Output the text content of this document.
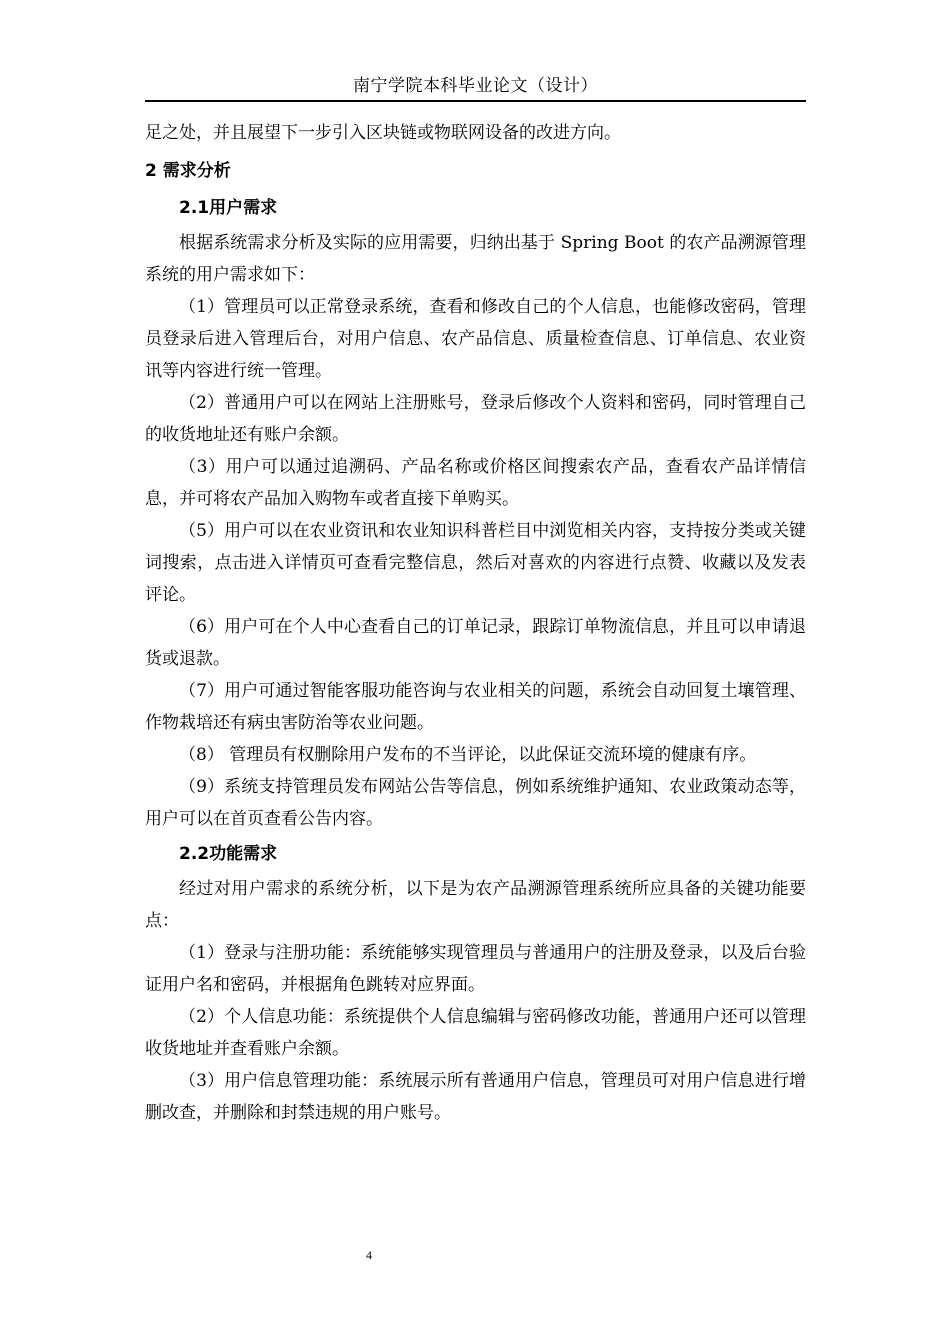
南宁学院本科毕业论文（设计）

足之处，并且展望下一步引入区块链或物联网设备的改进方向。

2 需求分析
2.1用户需求

根据系统需求分析及实际的应用需要，归纳出基于 Spring Boot 的农产品溯源管理系统的用户需求如下：

（1）管理员可以正常登录系统，查看和修改自己的个人信息，也能修改密码，管理员登录后进入管理后台，对用户信息、农产品信息、质量检查信息、订单信息、农业资讯等内容进行统一管理。

（2）普通用户可以在网站上注册账号，登录后修改个人资料和密码，同时管理自己的收货地址还有账户余额。

（3）用户可以通过追溯码、产品名称或价格区间搜索农产品，查看农产品详情信息，并可将农产品加入购物车或者直接下单购买。

（5）用户可以在农业资讯和农业知识科普栏目中浏览相关内容，支持按分类或关键词搜索，点击进入详情页可查看完整信息，然后对喜欢的内容进行点赞、收藏以及发表评论。

（6）用户可在个人中心查看自己的订单记录，跟踪订单物流信息，并且可以申请退货或退款。

（7）用户可通过智能客服功能咨询与农业相关的问题，系统会自动回复土壤管理、作物栽培还有病虫害防治等农业问题。

（8） 管理员有权删除用户发布的不当评论，以此保证交流环境的健康有序。

（9）系统支持管理员发布网站公告等信息，例如系统维护通知、农业政策动态等，用户可以在首页查看公告内容。

2.2功能需求

经过对用户需求的系统分析，以下是为农产品溯源管理系统所应具备的关键功能要点：

（1）登录与注册功能：系统能够实现管理员与普通用户的注册及登录，以及后台验证用户名和密码，并根据角色跳转对应界面。

（2）个人信息功能：系统提供个人信息编辑与密码修改功能，普通用户还可以管理收货地址并查看账户余额。

（3）用户信息管理功能：系统展示所有普通用户信息，管理员可对用户信息进行增删改查，并删除和封禁违规的用户账号。

4
